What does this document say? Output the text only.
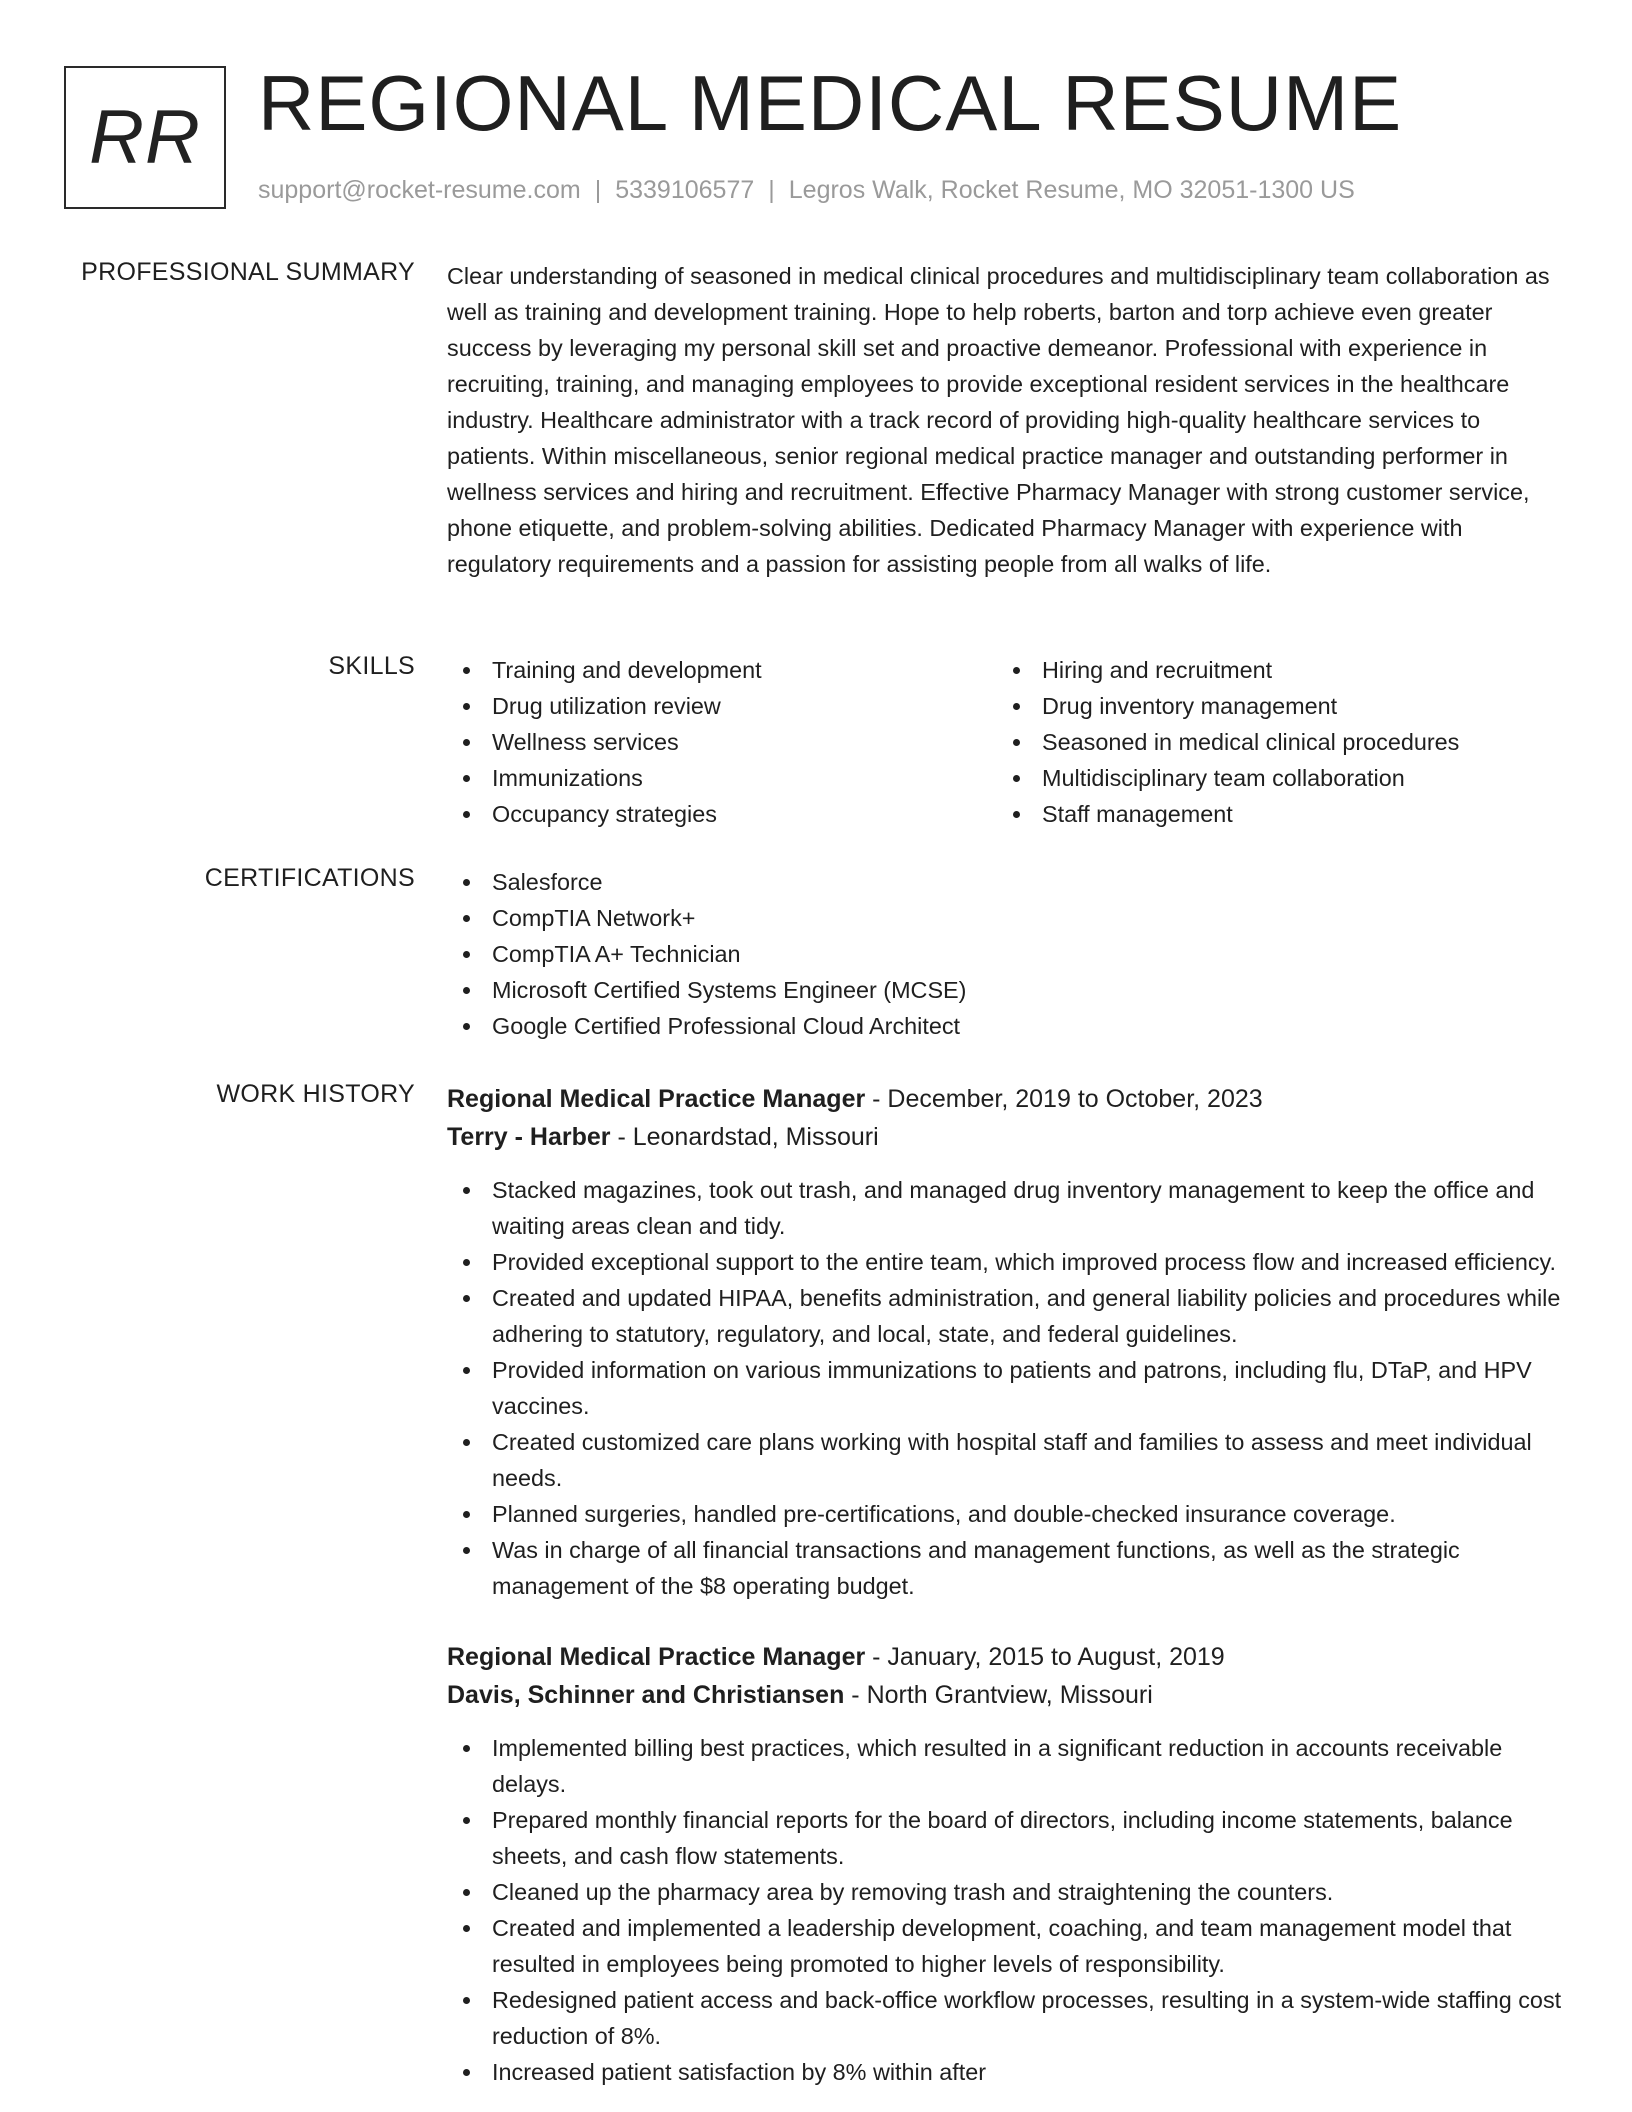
RR REGIONAL MEDICAL RESUME
support@rocket-resume.com | 5339106577 | Legros Walk, Rocket Resume, MO 32051-1300 US
PROFESSIONAL SUMMARY Clear understanding of seasoned in medical clinical procedures and multidisciplinary team collaboration as well as training and development training. Hope to help roberts, barton and torp achieve even greater success by leveraging my personal skill set and proactive demeanor. Professional with experience in recruiting, training, and managing employees to provide exceptional resident services in the healthcare industry. Healthcare administrator with a track record of providing high-quality healthcare services to patients. Within miscellaneous, senior regional medical practice manager and outstanding performer in wellness services and hiring and recruitment. Effective Pharmacy Manager with strong customer service, phone etiquette, and problem-solving abilities. Dedicated Pharmacy Manager with experience with regulatory requirements and a passion for assisting people from all walks of life.
SKILLS	Training and development
Drug utilization review
Wellness services
Immunizations
Occupancy strategies
Hiring and recruitment
Drug inventory management
Seasoned in medical clinical procedures
Multidisciplinary team collaboration
Staff management
CERTIFICATIONS	Salesforce
CompTIA Network+
CompTIA A+ Technician
Microsoft Certified Systems Engineer (MCSE)
Google Certified Professional Cloud Architect
WORK HISTORY Regional Medical Practice Manager - December, 2019 to October, 2023
Terry - Harber - Leonardstad, Missouri
Stacked magazines, took out trash, and managed drug inventory management to keep the office and waiting areas clean and tidy.
Provided exceptional support to the entire team, which improved process flow and increased efficiency.
Created and updated HIPAA, benefits administration, and general liability policies and procedures while adhering to statutory, regulatory, and local, state, and federal guidelines.
Provided information on various immunizations to patients and patrons, including flu, DTaP, and HPV vaccines.
Created customized care plans working with hospital staff and families to assess and meet individual needs.
Planned surgeries, handled pre-certifications, and double-checked insurance coverage.
Was in charge of all financial transactions and management functions, as well as the strategic management of the $8 operating budget.
Regional Medical Practice Manager - January, 2015 to August, 2019
Davis, Schinner and Christiansen - North Grantview, Missouri
Implemented billing best practices, which resulted in a significant reduction in accounts receivable delays.
Prepared monthly financial reports for the board of directors, including income statements, balance sheets, and cash flow statements.
Cleaned up the pharmacy area by removing trash and straightening the counters.
Created and implemented a leadership development, coaching, and team management model that resulted in employees being promoted to higher levels of responsibility.
Redesigned patient access and back-office workflow processes, resulting in a system-wide staffing cost reduction of 8%.
Increased patient satisfaction by 8% within after
